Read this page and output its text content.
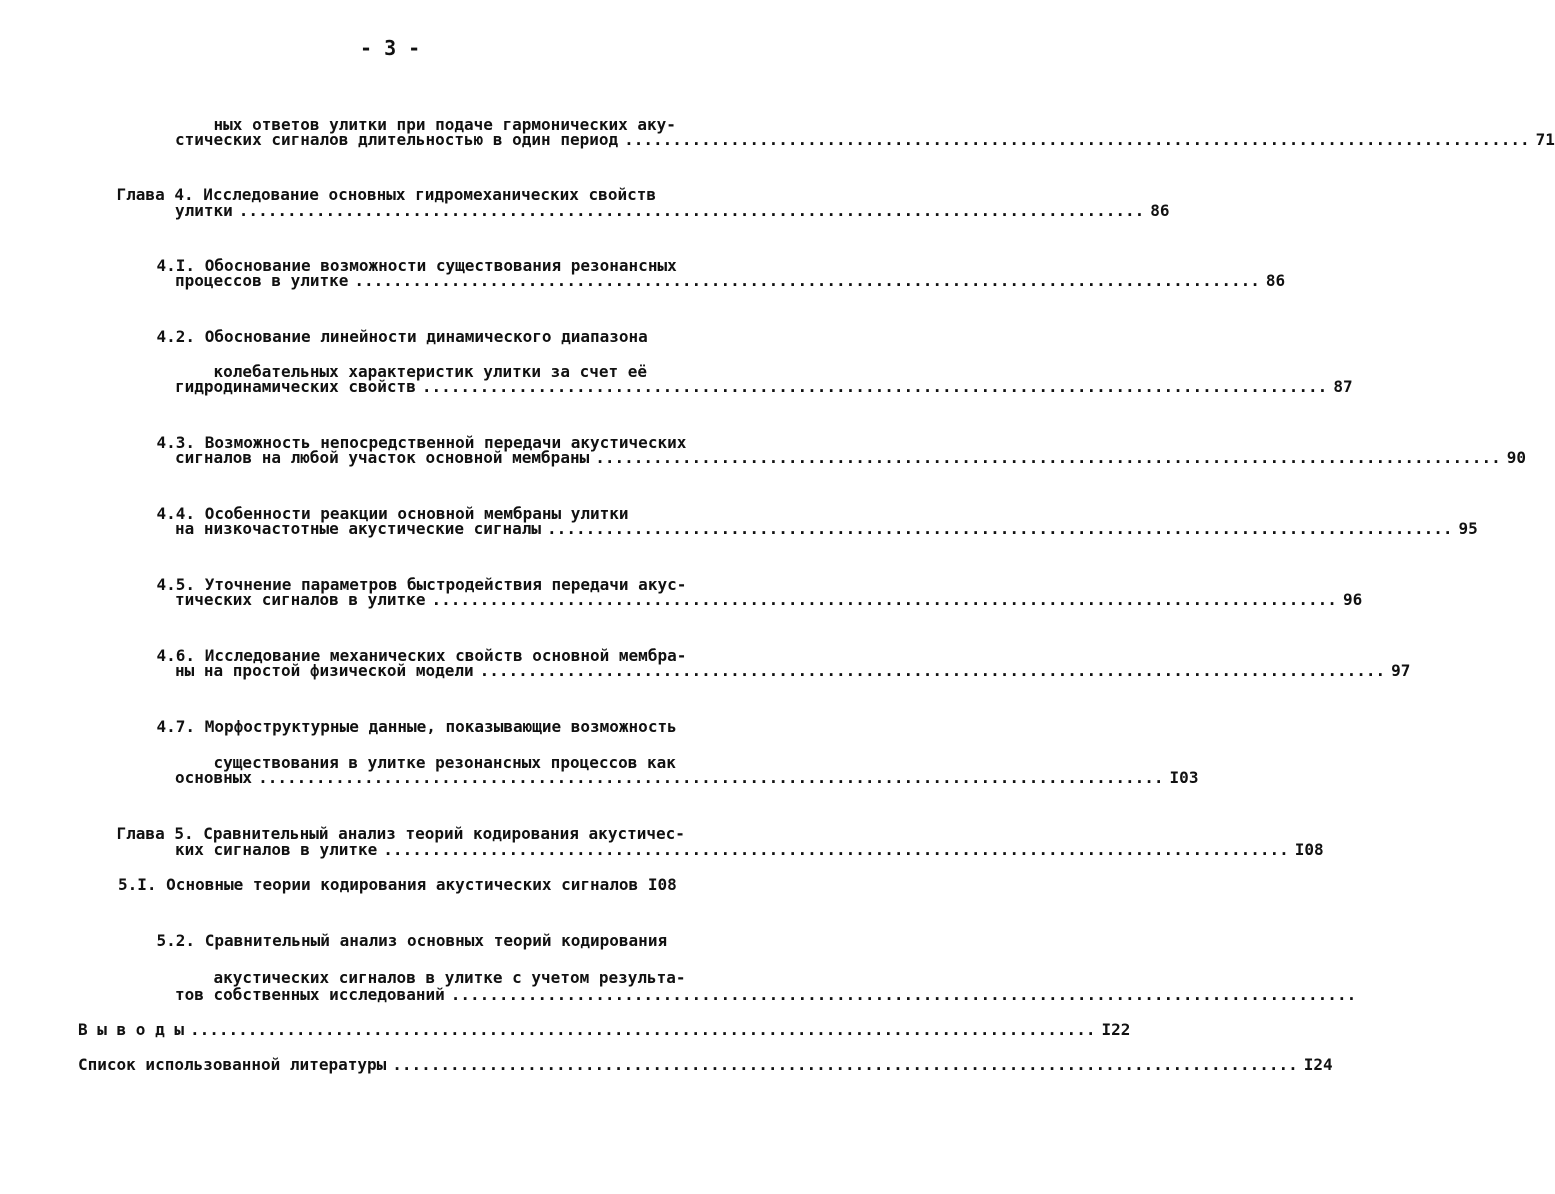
- 3 -

ных ответов улитки при подаче гармонических аку-

стических сигналов длительностью в один период .............................................................................................. 71

Глава 4. Исследование основных гидромеханических свойств

улитки .............................................................................................. 86

4.I. Обоснование возможности существования резонансных

процессов в улитке .............................................................................................. 86

4.2. Обоснование линейности динамического диапазона

колебательных характеристик улитки за счет её

гидродинамических свойств .............................................................................................. 87

4.3. Возможность непосредственной передачи акустических

сигналов на любой участок основной мембраны .............................................................................................. 90

4.4. Особенности реакции основной мембраны улитки

на низкочастотные акустические сигналы .............................................................................................. 95

4.5. Уточнение параметров быстродействия передачи акус-

тических сигналов в улитке .............................................................................................. 96

4.6. Исследование механических свойств основной мембра-

ны на простой физической модели .............................................................................................. 97

4.7. Морфоструктурные данные, показывающие возможность

существования в улитке резонансных процессов как

основных .............................................................................................. I03

Глава 5. Сравнительный анализ теорий кодирования акустичес-

ких сигналов в улитке .............................................................................................. I08
5.I.
Основные теории кодирования акустических сигналов
I08

5.2. Сравнительный анализ основных теорий кодирования

акустических сигналов в улитке с учетом результа-

тов собственных исследований ..............................................................................................
В ы в о д ы .............................................................................................. I22
Список использованной литературы .............................................................................................. I24
